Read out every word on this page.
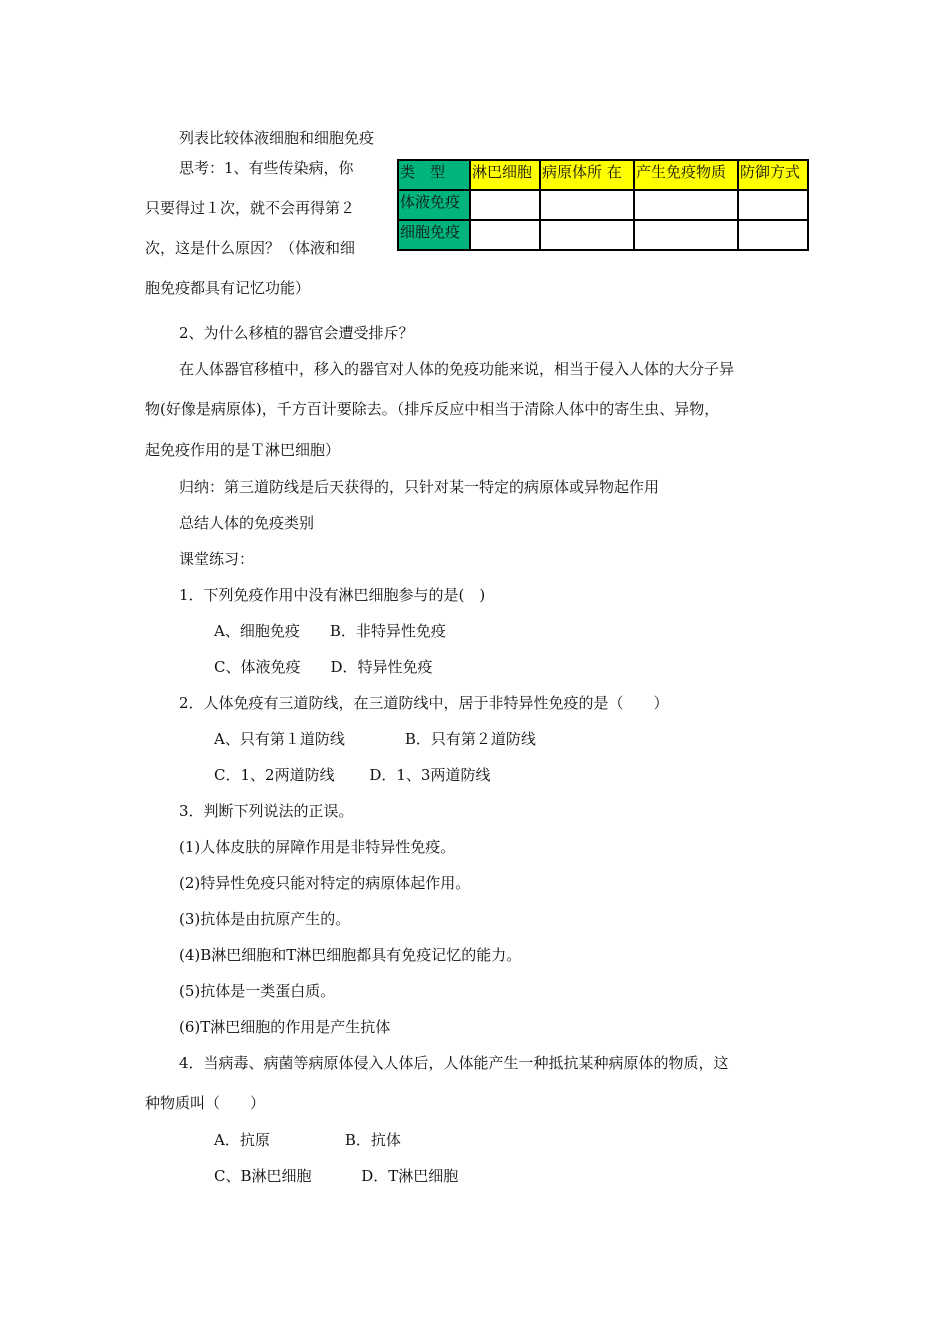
列表比较体液细胞和细胞免疫
思考：1、有些传染病，你
只要得过１次，就不会再得第２
次，这是什么原因？（体液和细
胞免疫都具有记忆功能）
类　型	淋巴细胞	病原体所 在	产生免疫物质	防御方式
体液免疫				
细胞免疫				
2、为什么移植的器官会遭受排斥？
在人体器官移植中，移入的器官对人体的免疫功能来说，相当于侵入人体的大分子异
物(好像是病原体)，千方百计要除去。（排斥反应中相当于清除人体中的寄生虫、异物，
起免疫作用的是Ｔ淋巴细胞）
归纳：第三道防线是后天获得的，只针对某一特定的病原体或异物起作用
总结人体的免疫类别
课堂练习：
1．下列免疫作用中没有淋巴细胞参与的是(　)
A、细胞免疫　　B．非特异性免疫
C、体液免疫　　D．特异性免疫
2．人体免疫有三道防线，在三道防线中，居于非特异性免疫的是（　　）
A、只有第１道防线　　　　B．只有第２道防线
C．1、2两道防线　　 D．1、3两道防线
3．判断下列说法的正误。
(1)人体皮肤的屏障作用是非特异性免疫。
(2)特异性免疫只能对特定的病原体起作用。
(3)抗体是由抗原产生的。
(4)B淋巴细胞和T淋巴细胞都具有免疫记忆的能力。
(5)抗体是一类蛋白质。
(6)T淋巴细胞的作用是产生抗体
4．当病毒、病菌等病原体侵入人体后，人体能产生一种抵抗某种病原体的物质，这
种物质叫（　　）
A．抗原　　　　　B．抗体
C、B淋巴细胞　　　 D．T淋巴细胞
